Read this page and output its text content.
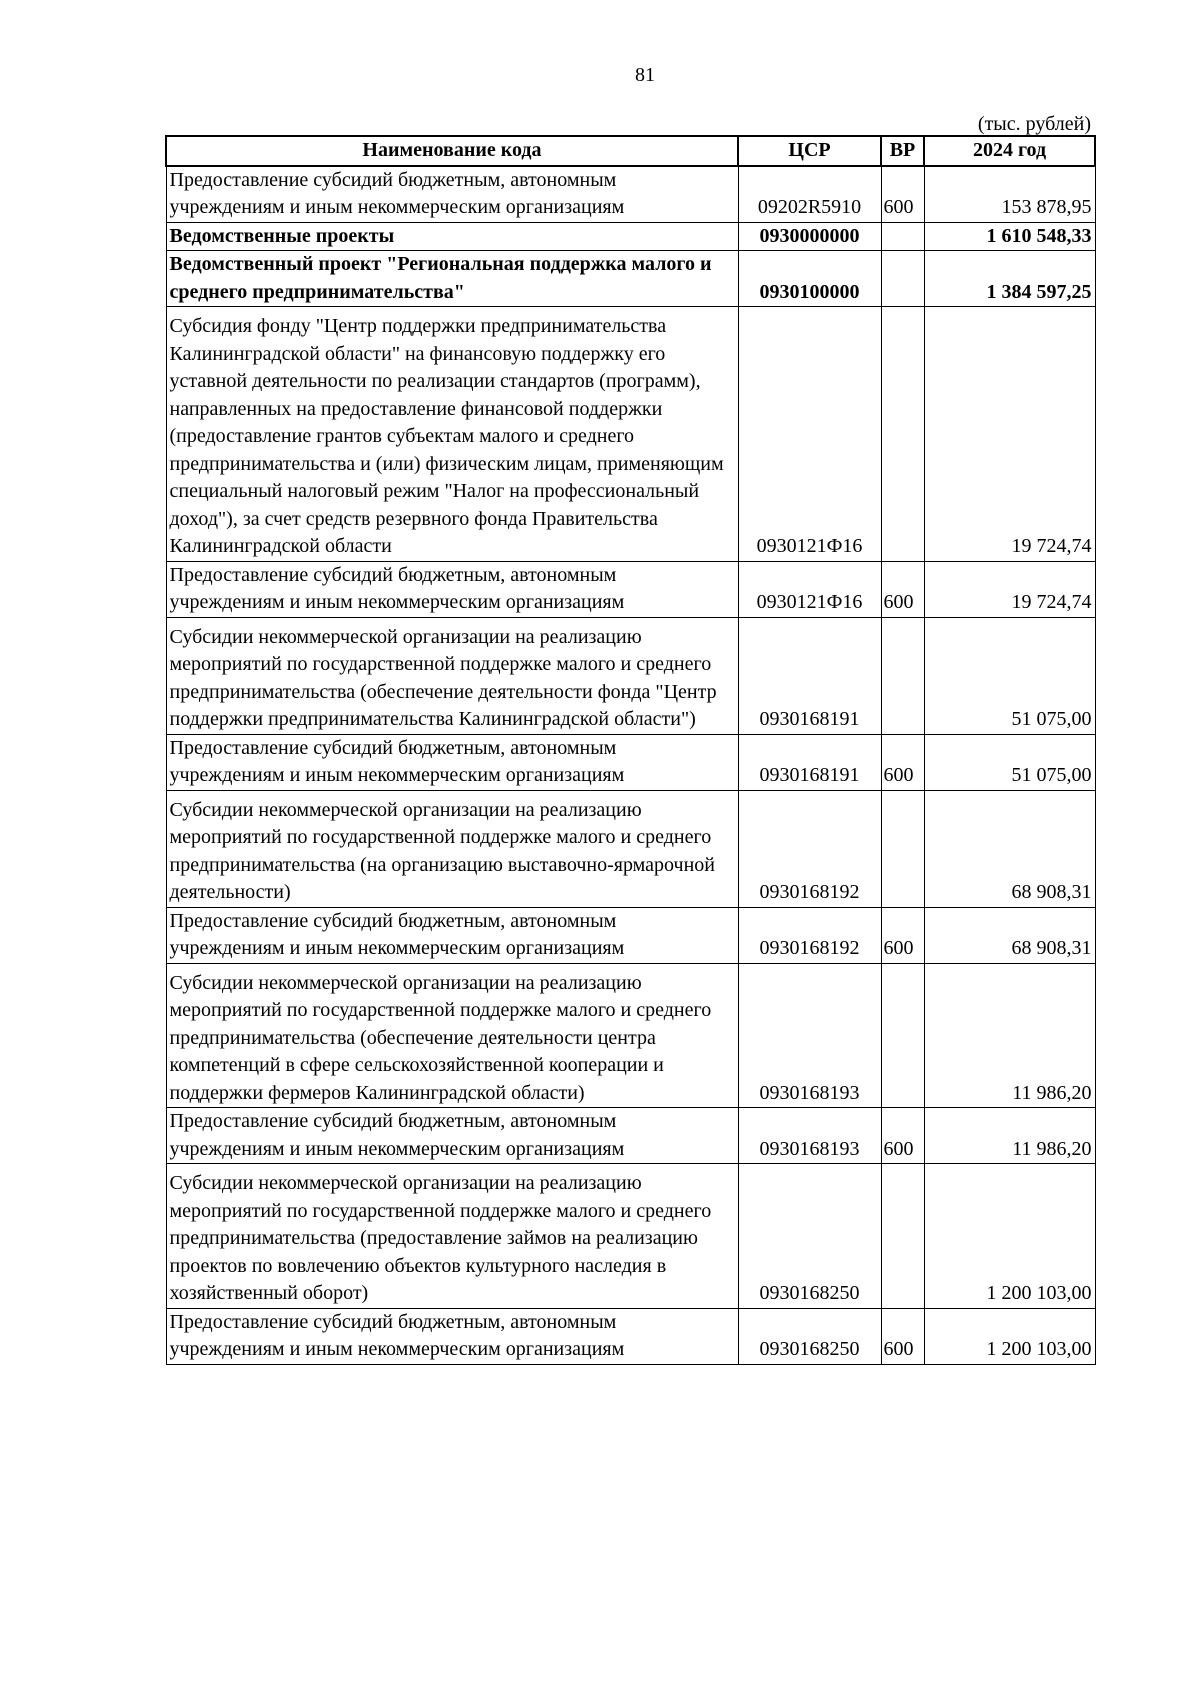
81
(тыс. рублей)
Наименование кода	ЦСР	ВР	2024 год
Предоставление субсидий бюджетным, автономным учреждениям и иным некоммерческим организациям	09202R5910	600	153 878,95
Ведомственные проекты	0930000000		1 610 548,33
Ведомственный проект "Региональная поддержка малого и среднего предпринимательства"	0930100000		1 384 597,25
Субсидия фонду "Центр поддержки предпринимательства Калининградской области" на финансовую поддержку его уставной деятельности по реализации стандартов (программ), направленных на предоставление финансовой поддержки (предоставление грантов субъектам малого и среднего предпринимательства и (или) физическим лицам, применяющим специальный налоговый режим "Налог на профессиональный доход"), за счет средств резервного фонда Правительства Калининградской области	0930121Ф16		19 724,74
Предоставление субсидий бюджетным, автономным учреждениям и иным некоммерческим организациям	0930121Ф16	600	19 724,74
Субсидии некоммерческой организации на реализацию мероприятий по государственной поддержке малого и среднего предпринимательства (обеспечение деятельности фонда "Центр поддержки предпринимательства Калининградской области")	0930168191		51 075,00
Предоставление субсидий бюджетным, автономным учреждениям и иным некоммерческим организациям	0930168191	600	51 075,00
Субсидии некоммерческой организации на реализацию мероприятий по государственной поддержке малого и среднего предпринимательства (на организацию выставочно-ярмарочной деятельности)	0930168192		68 908,31
Предоставление субсидий бюджетным, автономным учреждениям и иным некоммерческим организациям	0930168192	600	68 908,31
Субсидии некоммерческой организации на реализацию мероприятий по государственной поддержке малого и среднего предпринимательства (обеспечение деятельности центра компетенций в сфере сельскохозяйственной кооперации и поддержки фермеров Калининградской области)	0930168193		11 986,20
Предоставление субсидий бюджетным, автономным учреждениям и иным некоммерческим организациям	0930168193	600	11 986,20
Субсидии некоммерческой организации на реализацию мероприятий по государственной поддержке малого и среднего предпринимательства (предоставление займов на реализацию проектов по вовлечению объектов культурного наследия в хозяйственный оборот)	0930168250		1 200 103,00
Предоставление субсидий бюджетным, автономным учреждениям и иным некоммерческим организациям	0930168250	600	1 200 103,00
